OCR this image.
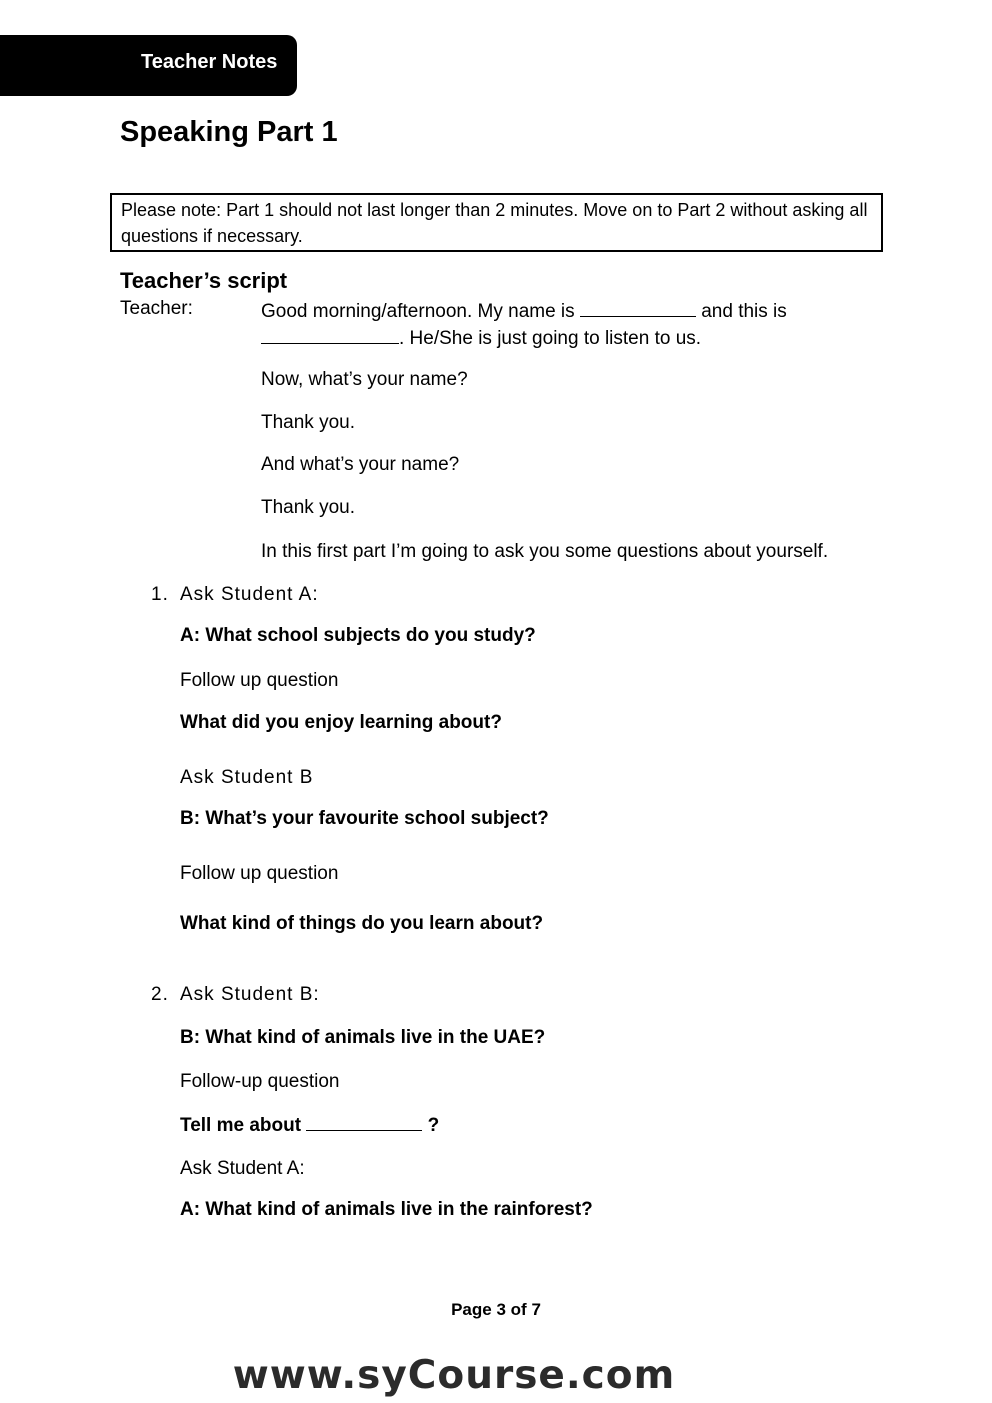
Teacher Notes
Speaking Part 1
Please note: Part 1 should not last longer than 2 minutes. Move on to Part 2 without asking all questions if necessary.
Teacher’s script
Teacher:	Good morning/afternoon. My name is	and this is
. He/She is just going to listen to us.
Now, what’s your name?
Thank you.
And what’s your name?
Thank you.
In this first part I’m going to ask you some questions about yourself.
1. Ask Student A:
A: What school subjects do you study?
Follow up question
What did you enjoy learning about?
Ask Student B
B: What’s your favourite school subject?
Follow up question
What kind of things do you learn about?
2. Ask Student B:
B: What kind of animals live in the UAE?
Follow-up question
Tell me about	?
Ask Student A:
A: What kind of animals live in the rainforest?
Page 3 of 7
www.syCourse.com
